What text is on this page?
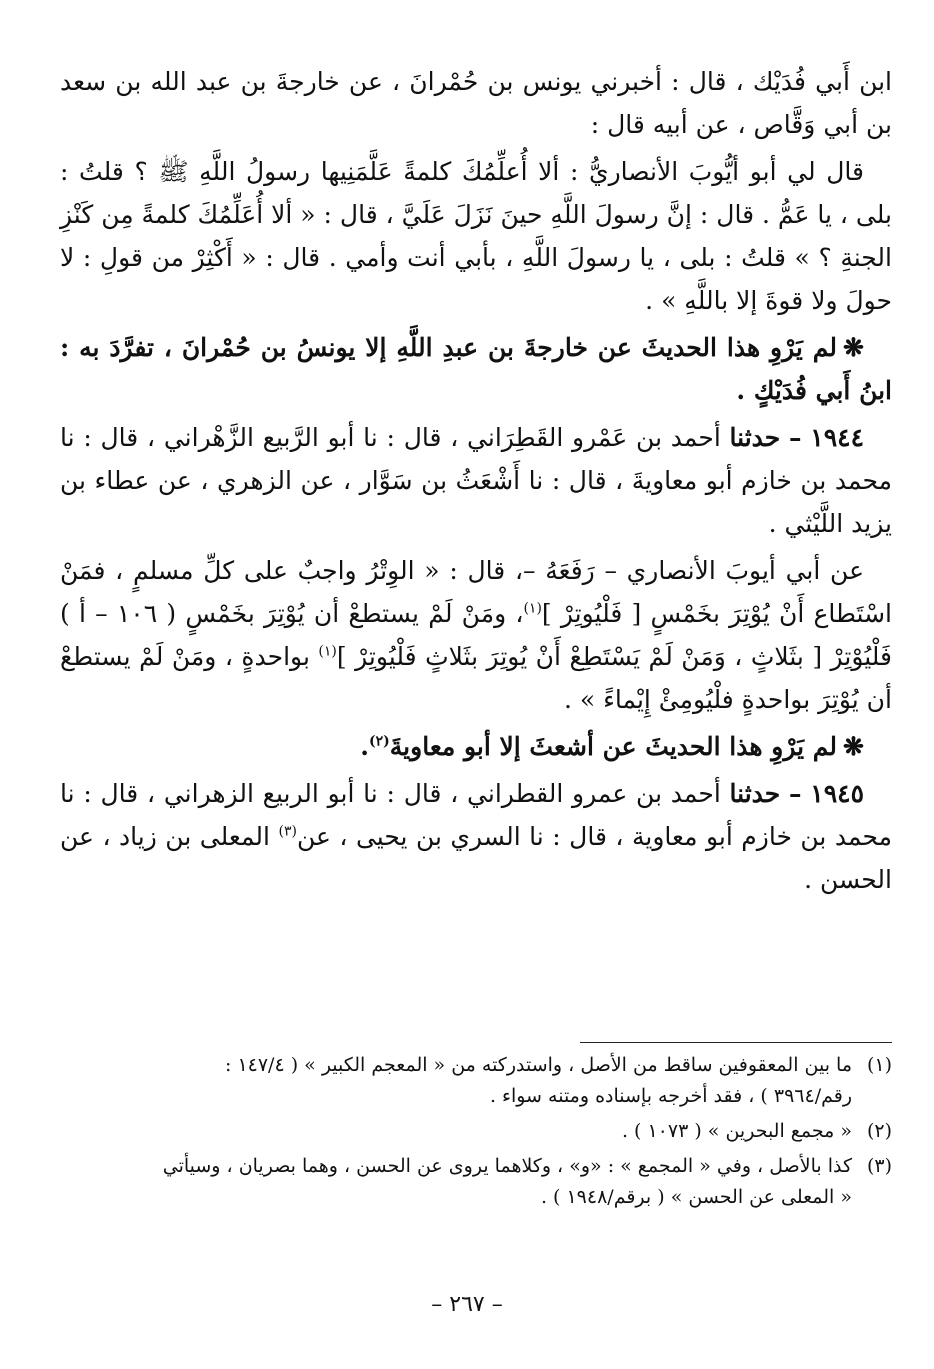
ابن أَبي فُدَيْك ، قال : أخبرني يونس بن حُمْرانَ ، عن خارجةَ بن عبد الله بن سعد بن أبي وَقَّاص ، عن أبيه قال :

قال لي أبو أيُّوبَ الأنصاريُّ : ألا أُعلِّمُكَ كلمةً عَلَّمَنِيها رسولُ اللَّهِ ﷺ ؟ قلتُ : بلى ، يا عَمُّ . قال : إنَّ رسولَ اللَّهِ حينَ نَزَلَ عَلَيَّ ، قال : « ألا أُعَلِّمُكَ كلمةً مِن كَنْزِ الجنةِ ؟ » قلتُ : بلى ، يا رسولَ اللَّهِ ، بأبي أنت وأمي . قال : « أَكْثِرْ من قولِ : لا حولَ ولا قوةَ إلا باللَّهِ » .

❋لم يَرْوِ هذا الحديثَ عن خارجةَ بن عبدِ اللَّهِ إلا يونسُ بن حُمْرانَ ، تفرَّدَ به : ابنُ أَبي فُدَيْكٍ .

١٩٤٤ – حدثنا أحمد بن عَمْرو القَطِرَاني ، قال : نا أبو الرَّبيع الزَّهْراني ، قال : نا محمد بن خازم أبو معاويةَ ، قال : نا أَشْعَثُ بن سَوَّار ، عن الزهري ، عن عطاء بن يزيد اللَّيْثي .

عن أبي أيوبَ الأنصاري – رَفَعَهُ –، قال : « الوِتْرُ واجبٌ على كلِّ مسلمٍ ، فمَنْ اسْتَطاع أَنْ يُوْتِرَ بخَمْسٍ [ فَلْيُوتِرْ ]$^{(١)}$، ومَنْ لَمْ يستطعْ أن يُوْتِرَ بخَمْسٍ ( ١٠٦ – أ ) فَلْيُوْتِرْ [ بثَلاثٍ ، وَمَنْ لَمْ يَسْتَطِعْ أَنْ يُوتِرَ بثَلاثٍ فَلْيُوتِرْ ]$^{(١)}$ بواحدةٍ ، ومَنْ لَمْ يستطعْ أن يُوْتِرَ بواحدةٍ فلْيُومِئْ إِيْماءً » .

❋لم يَرْوِ هذا الحديثَ عن أشعثَ إلا أبو معاويةَ$^{(٢)}$.

١٩٤٥ – حدثنا أحمد بن عمرو القطراني ، قال : نا أبو الربيع الزهراني ، قال : نا محمد بن خازم أبو معاوية ، قال : نا السري بن يحيى ، عن$^{(٣)}$ المعلى بن زياد ، عن الحسن .

(١)ما بين المعقوفين ساقط من الأصل ، واستدركته من « المعجم الكبير » ( ١٤٧/٤ :
رقم/٣٩٦٤ ) ، فقد أخرجه بإسناده ومتنه سواء .
(٢)« مجمع البحرين » ( ١٠٧٣ ) .
(٣)كذا بالأصل ، وفي « المجمع » : «و» ، وكلاهما يروى عن الحسن ، وهما بصريان ، وسيأتي
« المعلى عن الحسن » ( برقم/١٩٤٨ ) .
– ٢٦٧ –
